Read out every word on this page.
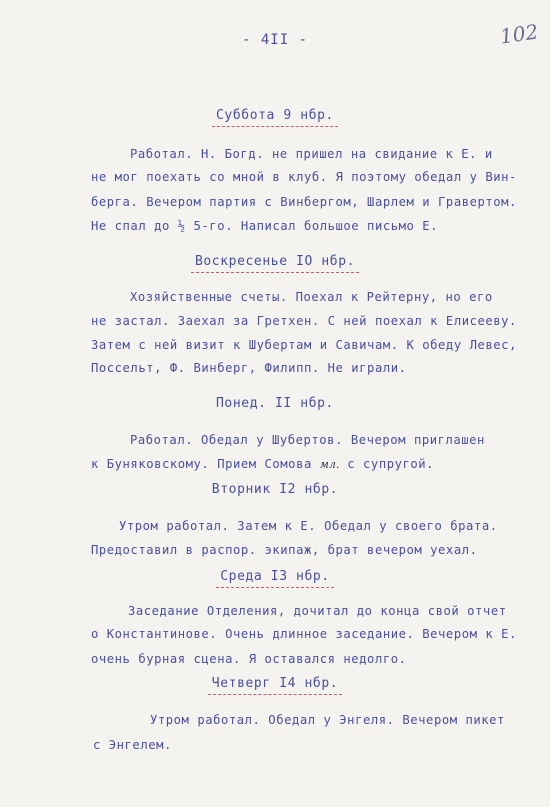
- 4II -	102
Суббота 9 нбр.
Работал. Н. Богд. не пришел на свидание к Е. и
не мог поехать со мной в клуб. Я поэтому обедал у Вин-
берга. Вечером партия с Винбергом, Шарлем и Гравертом.
Не спал до ½ 5-го. Написал большое письмо Е.
Воскресенье IO нбр.
Хозяйственные счеты. Поехал к Рейтерну, но его
не застал. Заехал за Гретхен. С ней поехал к Елисееву.
Затем с ней визит к Шубертам и Савичам. К обеду Левес,
Поссельт, Ф. Винберг, Филипп. Не играли.
Понед. II нбр.
Работал. Обедал у Шубертов. Вечером приглашен
к Буняковскому. Прием Сомова мл. с супругой.
Вторник I2 нбр.
Утром работал. Затем к Е. Обедал у своего брата.
Предоставил в распор. экипаж, брат вечером уехал.
Среда I3 нбр.
Заседание Отделения, дочитал до конца свой отчет
о Константинове. Очень длинное заседание. Вечером к Е.
очень бурная сцена. Я оставался недолго.
Четверг I4 нбр.
Утром работал. Обедал у Энгеля. Вечером пикет
с Энгелем.
